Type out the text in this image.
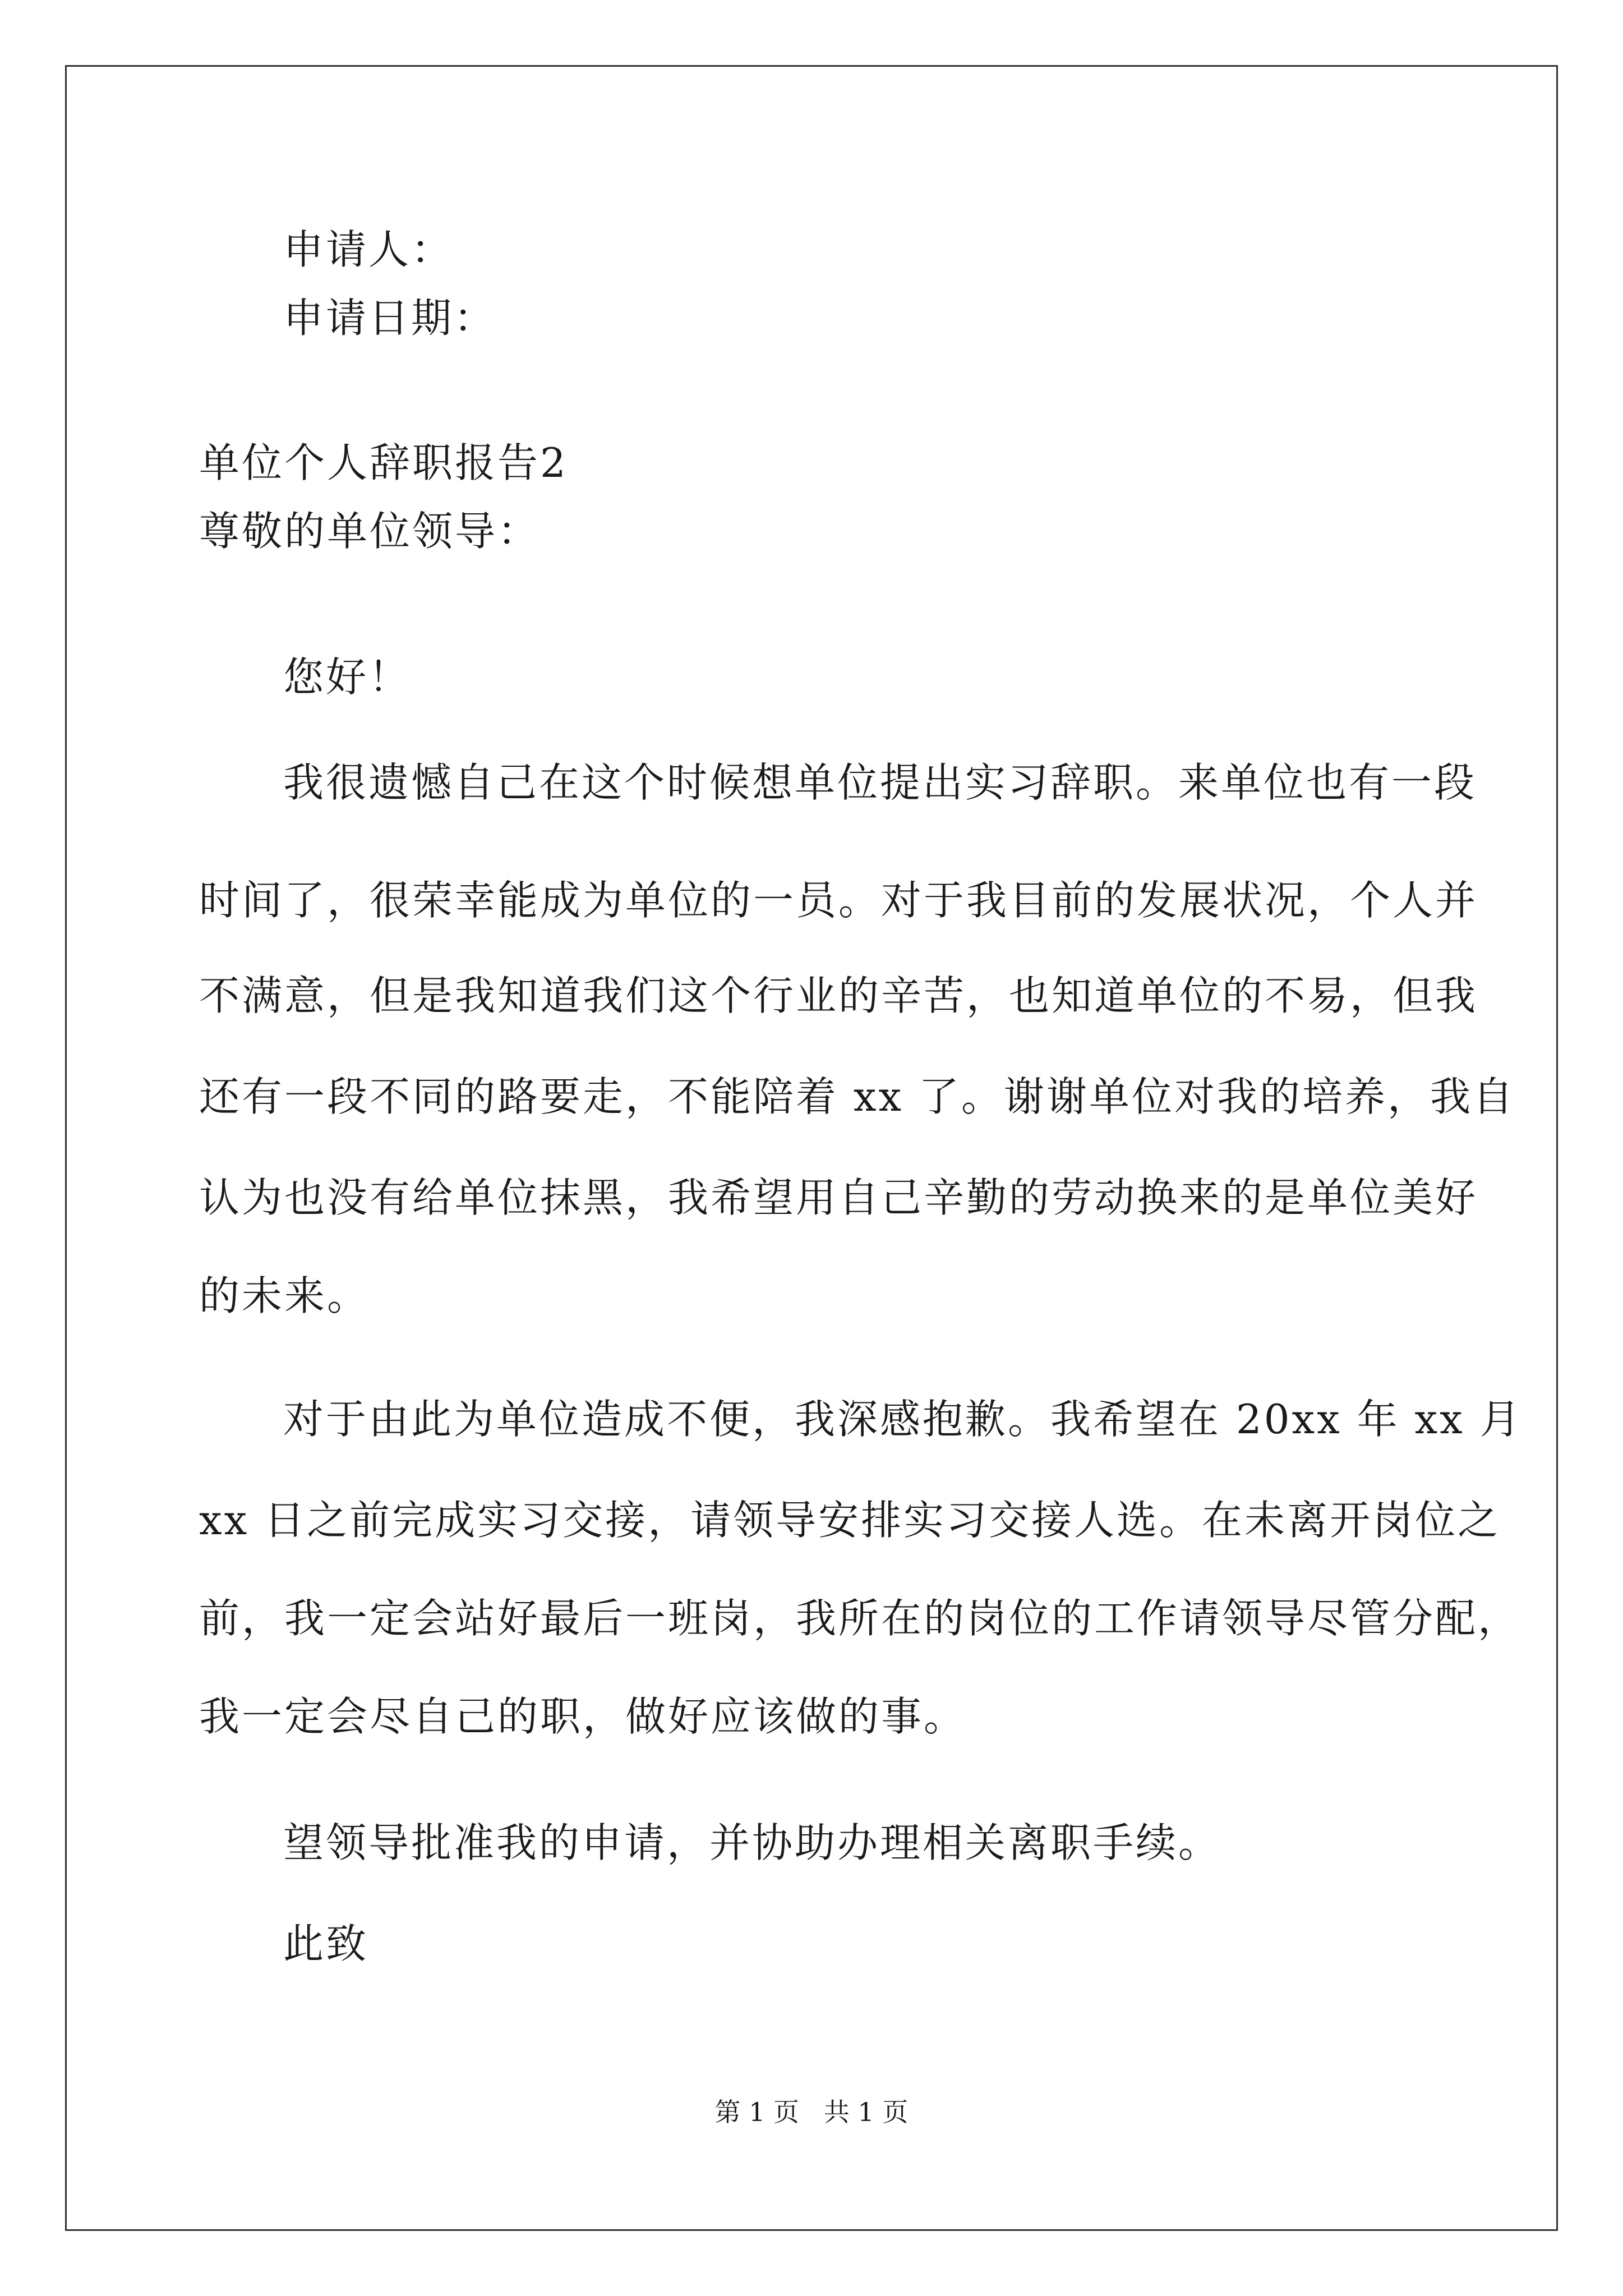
申请人：
申请日期：
单位个人辞职报告2
尊敬的单位领导：
您好！
我很遗憾自己在这个时候想单位提出实习辞职。来单位也有一段
时间了，很荣幸能成为单位的一员。对于我目前的发展状况，个人并
不满意，但是我知道我们这个行业的辛苦，也知道单位的不易，但我
还有一段不同的路要走，不能陪着 xx 了。谢谢单位对我的培养，我自
认为也没有给单位抹黑，我希望用自己辛勤的劳动换来的是单位美好
的未来。
对于由此为单位造成不便，我深感抱歉。我希望在 20xx 年 xx 月
xx 日之前完成实习交接，请领导安排实习交接人选。在未离开岗位之
前，我一定会站好最后一班岗，我所在的岗位的工作请领导尽管分配，
我一定会尽自己的职，做好应该做的事。
望领导批准我的申请，并协助办理相关离职手续。
此致
第 1 页   共 1 页
